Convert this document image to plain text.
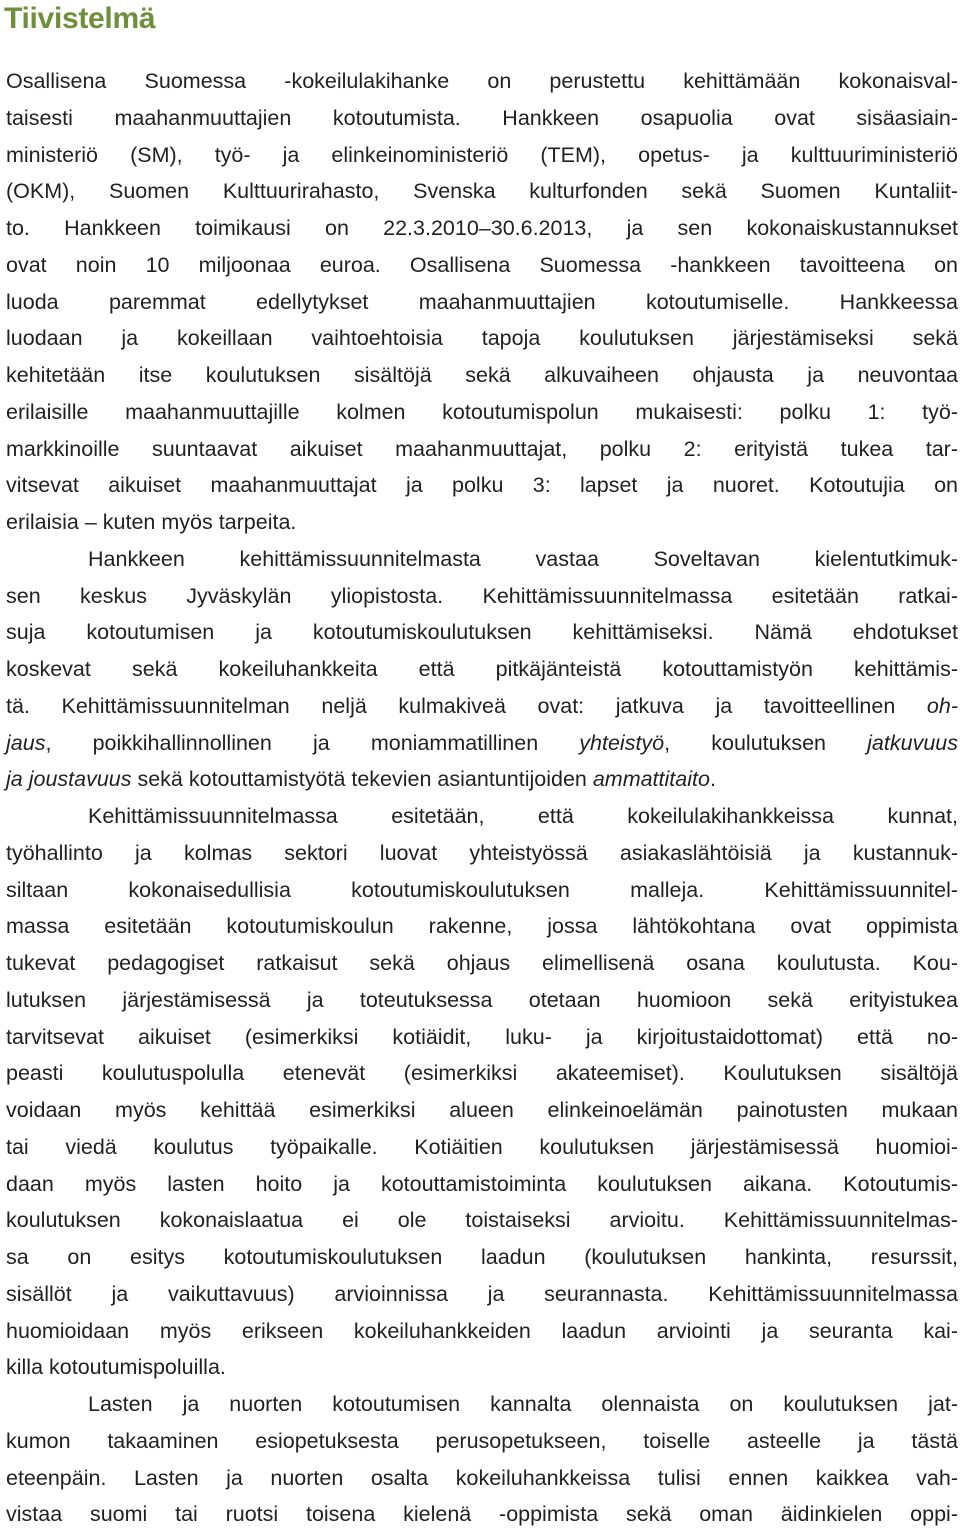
Tiivistelmä
Osallisena Suomessa -kokeilulakihanke on perustettu kehittämään kokonaisval-
taisesti maahanmuuttajien kotoutumista. Hankkeen osapuolia ovat sisäasiain-
ministeriö (SM), työ- ja elinkeinoministeriö (TEM), opetus- ja kulttuuriministeriö
(OKM), Suomen Kulttuurirahasto, Svenska kulturfonden sekä Suomen Kuntaliit-
to. Hankkeen toimikausi on 22.3.2010–30.6.2013, ja sen kokonaiskustannukset
ovat noin 10 miljoonaa euroa. Osallisena Suomessa -hankkeen tavoitteena on
luoda paremmat edellytykset maahanmuuttajien kotoutumiselle. Hankkeessa
luodaan ja kokeillaan vaihtoehtoisia tapoja koulutuksen järjestämiseksi sekä
kehitetään itse koulutuksen sisältöjä sekä alkuvaiheen ohjausta ja neuvontaa
erilaisille maahanmuuttajille kolmen kotoutumispolun mukaisesti: polku 1: työ-
markkinoille suuntaavat aikuiset maahanmuuttajat, polku 2: erityistä tukea tar-
vitsevat aikuiset maahanmuuttajat ja polku 3: lapset ja nuoret. Kotoutujia on
erilaisia – kuten myös tarpeita.
Hankkeen kehittämissuunnitelmasta vastaa Soveltavan kielentutkimuk-
sen keskus Jyväskylän yliopistosta. Kehittämissuunnitelmassa esitetään ratkai-
suja kotoutumisen ja kotoutumiskoulutuksen kehittämiseksi. Nämä ehdotukset
koskevat sekä kokeiluhankkeita että pitkäjänteistä kotouttamistyön kehittämis-
tä. Kehittämissuunnitelman neljä kulmakiveä ovat: jatkuva ja tavoitteellinen oh-
jaus, poikkihallinnollinen ja moniammatillinen yhteistyö, koulutuksen jatkuvuus
ja joustavuus sekä kotouttamistyötä tekevien asiantuntijoiden ammattitaito.
Kehittämissuunnitelmassa esitetään, että kokeilulakihankkeissa kunnat,
työhallinto ja kolmas sektori luovat yhteistyössä asiakaslähtöisiä ja kustannuk-
siltaan kokonaisedullisia kotoutumiskoulutuksen malleja. Kehittämissuunnitel-
massa esitetään kotoutumiskoulun rakenne, jossa lähtökohtana ovat oppimista
tukevat pedagogiset ratkaisut sekä ohjaus elimellisenä osana koulutusta. Kou-
lutuksen järjestämisessä ja toteutuksessa otetaan huomioon sekä erityistukea
tarvitsevat aikuiset (esimerkiksi kotiäidit, luku- ja kirjoitustaidottomat) että no-
peasti koulutuspolulla etenevät (esimerkiksi akateemiset). Koulutuksen sisältöjä
voidaan myös kehittää esimerkiksi alueen elinkeinoelämän painotusten mukaan
tai viedä koulutus työpaikalle. Kotiäitien koulutuksen järjestämisessä huomioi-
daan myös lasten hoito ja kotouttamistoiminta koulutuksen aikana. Kotoutumis-
koulutuksen kokonaislaatua ei ole toistaiseksi arvioitu. Kehittämissuunnitelmas-
sa on esitys kotoutumiskoulutuksen laadun (koulutuksen hankinta, resurssit,
sisällöt ja vaikuttavuus) arvioinnissa ja seurannasta. Kehittämissuunnitelmassa
huomioidaan myös erikseen kokeiluhankkeiden laadun arviointi ja seuranta kai-
killa kotoutumispoluilla.
Lasten ja nuorten kotoutumisen kannalta olennaista on koulutuksen jat-
kumon takaaminen esiopetuksesta perusopetukseen, toiselle asteelle ja tästä
eteenpäin. Lasten ja nuorten osalta kokeiluhankkeissa tulisi ennen kaikkea vah-
vistaa suomi tai ruotsi toisena kielenä -oppimista sekä oman äidinkielen oppi-
